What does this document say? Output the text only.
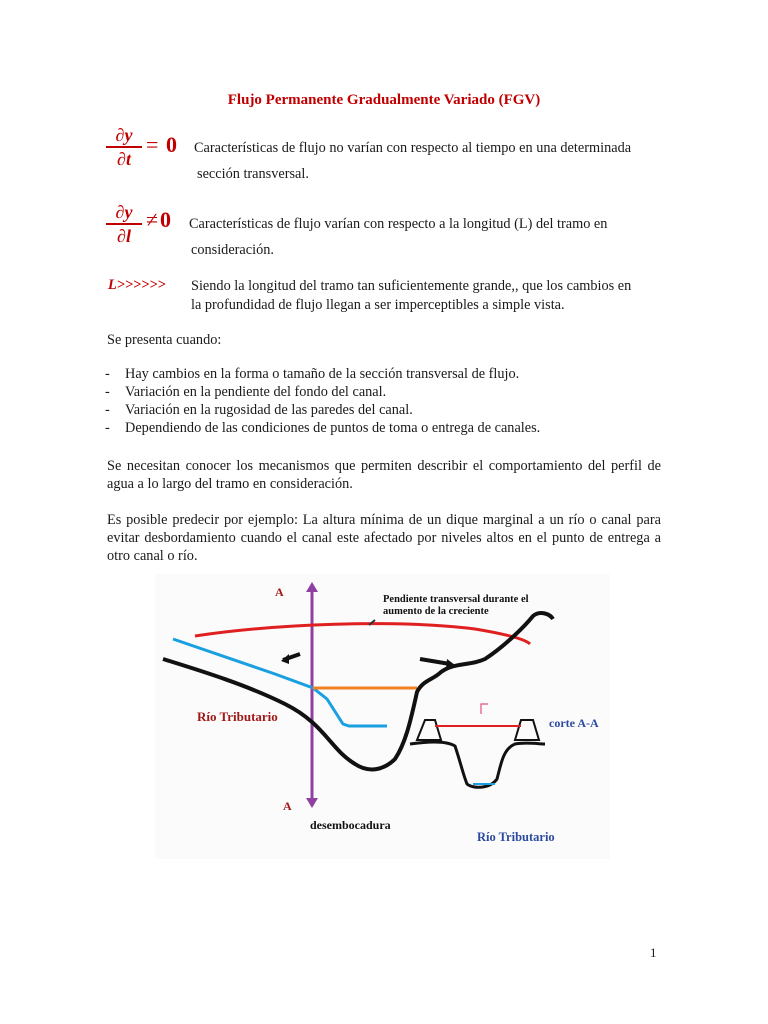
Flujo Permanente Gradualmente Variado (FGV)
∂y
∂t
= 0 Características de flujo no varían con respecto al tiempo en una determinada
sección transversal.
∂y
∂l
≠ 0 Características de flujo varían con respecto a la longitud (L) del tramo en
consideración.
L>>>>>> Siendo la longitud del tramo tan suficientemente grande,, que los cambios en
la profundidad de flujo llegan a ser imperceptibles a simple vista.
Se presenta cuando:
- Hay cambios en la forma o tamaño de la sección transversal de flujo.
- Variación en la pendiente del fondo del canal.
- Variación en la rugosidad de las paredes del canal.
- Dependiendo de las condiciones de puntos de toma o entrega de canales.
Se necesitan conocer los mecanismos que permiten describir el comportamiento del perfil de agua a lo largo del tramo en consideración.
Es posible predecir por ejemplo: La altura mínima de un dique marginal a un río o canal para evitar desbordamiento cuando el canal este afectado por niveles altos en el punto de entrega a otro canal o río.
A
A
Pendiente transversal durante el
aumento de la creciente
Río Tributario	corte A-A
desembocadura
Río Tributario
1
